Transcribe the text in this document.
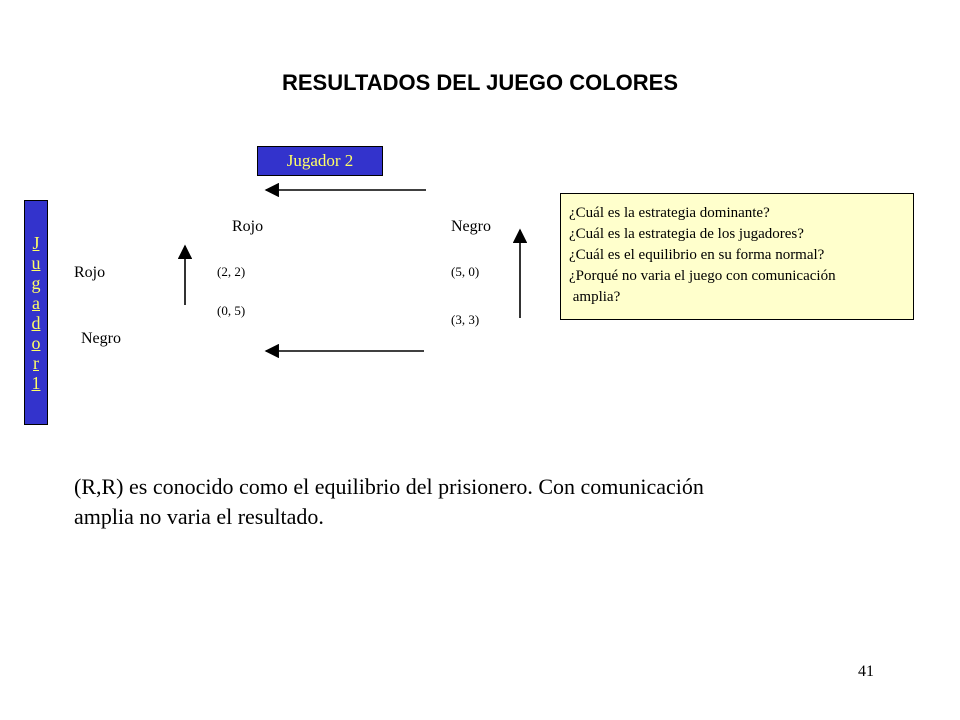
RESULTADOS DEL JUEGO COLORES
Jugador 2
J
u
g
a
d
o
r
1
Rojo	Negro
Rojo
Negro
(2, 2)
(0, 5)
(5, 0)
(3, 3)
¿Cuál es la estrategia dominante?
¿Cuál es la estrategia de los jugadores?
¿Cuál es el equilibrio en su forma normal?
¿Porqué no varia el juego con comunicación
amplia?
(R,R) es conocido como el equilibrio del prisionero. Con comunicación
amplia no varia el resultado.
41
